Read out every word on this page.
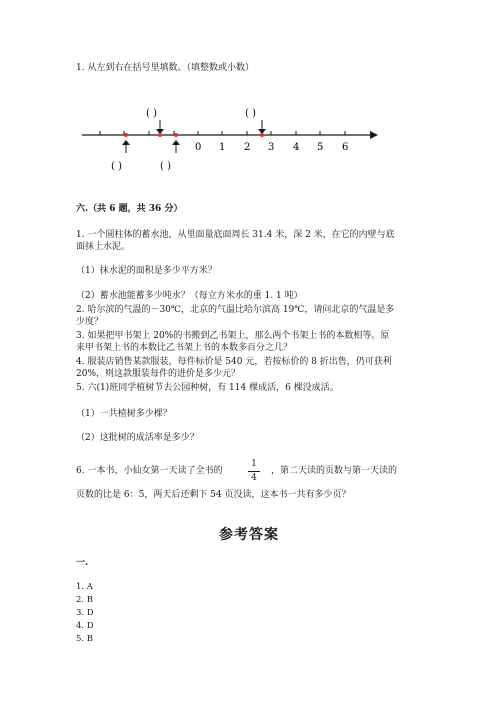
1. 从左到右在括号里填数。（填整数或小数）
( )	( )
0 1 2 3 4 5 6
( )	( )
六.（共 6 题，共 36 分）
1. 一个圆柱体的蓄水池，从里面量底面周长 31.4 米，深 2 米，在它的内壁与底
面抹上水泥。
（1）抹水泥的面积是多少平方米？
（2）蓄水池能蓄多少吨水？（每立方米水的重 1. 1 吨）
2. 哈尔滨的气温的－30℃，北京的气温比哈尔滨高 19℃，请问北京的气温是多
少度？
3. 如果把甲书架上 20%的书搬到乙书架上，那么两个书架上书的本数相等。原
来甲书架上书的本数比乙书架上书的本数多百分之几？
4. 服装店销售某款服装，每件标价是 540 元，若按标价的 8 折出售，仍可获利
20%，则这款服装每件的进价是多少元？
5. 六(1)班同学植树节去公园种树，有 114 棵成活，6 棵没成活。
（1）一共植树多少棵？
（2）这批树的成活率是多少？
6. 一本书，小仙女第一天读了全书的
1
4
，第二天读的页数与第一天读的
页数的比是 6：5，两天后还剩下 54 页没读，这本书一共有多少页？
参考答案
一.
1. A
2. B
3. D
4. D
5. B
